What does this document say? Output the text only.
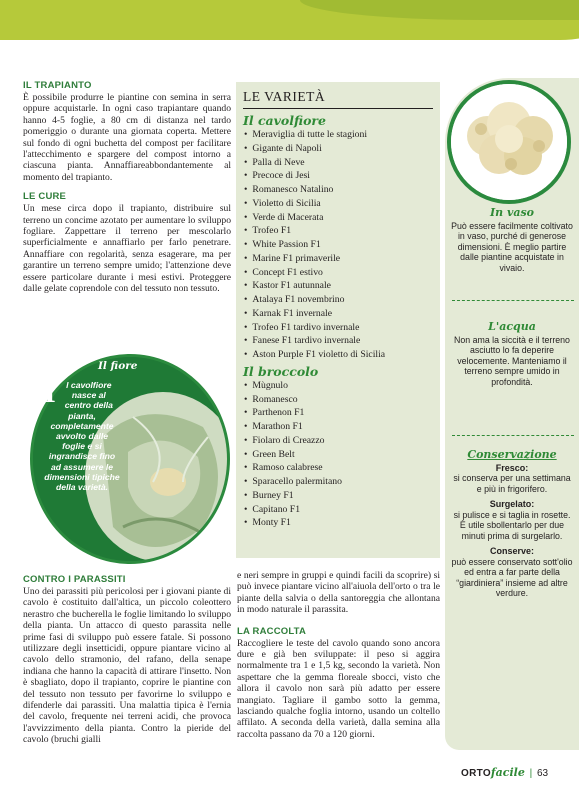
IL TRAPIANTO

È possibile produrre le piantine con semina in serra oppure acquistarle. In ogni caso trapiantare quando hanno 4-5 foglie, a 80 cm di distanza nel tardo pomeriggio o durante una giornata coperta. Mettere sul fondo di ogni buchetta del compost per facilitare l'attecchimento e spargere del compost intorno a ciascuna pianta. Annaffiareabbondantemente al momento del trapianto.

LE CURE

Un mese circa dopo il trapianto, distribuire sul terreno un concime azotato per aumentare lo sviluppo fogliare. Zappettare il terreno per mescolarlo superficialmente e annaffiarlo per farlo penetrare. Annaffiare con regolarità, senza esagerare, ma per garantire un terreno sempre umido; l'attenzione deve essere particolare durante i mesi estivi. Proteggere dalle gelate coprendole con del tessuto non tessuto.

Il fiore
I l cavolfiore nasce al centro della pianta, completamente avvolto dalle foglie e si ingrandisce fino ad assumere le dimensioni tipiche della varietà.
LE VARIETÀ
Il cavolfiore
• Meraviglia di tutte le stagioni
• Gigante di Napoli
• Palla di Neve
• Precoce di Jesi
• Romanesco Natalino
• Violetto di Sicilia
• Verde di Macerata
• Trofeo F1
• White Passion F1
• Marine F1 primaverile
• Concept F1 estivo
• Kastor F1 autunnale
• Atalaya F1 novembrino
• Karnak F1 invernale
• Trofeo F1 tardivo invernale
• Fanese F1 tardivo invernale
• Aston Purple F1 violetto di Sicilia
Il broccolo
• Mùgnulo
• Romanesco
• Parthenon F1
• Marathon F1
• Fiolaro di Creazzo
• Green Belt
• Ramoso calabrese
• Sparacello palermitano
• Burney F1
• Capitano F1
• Monty F1
CONTRO I PARASSITI

Uno dei parassiti più pericolosi per i giovani piante di cavolo è costituito dall'altica, un piccolo coleottero nerastro che bucherella le foglie limitando lo sviluppo della pianta. Un attacco di questo parassita nelle prime fasi di sviluppo può essere fatale. Si possono utilizzare degli insetticidi, oppure piantare vicino al cavolo dello stramonio, del rafano, della senape indiana che hanno la capacità di attirare l'insetto. Non è sbagliato, dopo il trapianto, coprire le piantine con del tessuto non tessuto per favorirne lo sviluppo e difenderle dai parassiti. Una malattia tipica è l'ernia del cavolo, frequente nei terreni acidi, che provoca l'avvizzimento della pianta. Contro la pieride del cavolo (bruchi gialli

e neri sempre in gruppi e quindi facili da scoprire) si può invece piantare vicino all'aiuola dell'orto o tra le piante della salvia o della santoreggia che allontana in modo naturale il parassita.

LA RACCOLTA

Raccogliere le teste del cavolo quando sono ancora dure e già ben sviluppate: il peso si aggira normalmente tra 1 e 1,5 kg, secondo la varietà. Non aspettare che la gemma floreale sbocci, visto che allora il cavolo non sarà più adatto per essere mangiato. Tagliare il gambo sotto la gemma, lasciando qualche foglia intorno, usando un coltello affilato. A seconda della varietà, dalla semina alla raccolta passano da 70 a 120 giorni.

In vaso
Può essere facilmente coltivato in vaso, purché di generose dimensioni. È meglio partire dalle piantine acquistate in vivaio.
L'acqua
Non ama la siccità e il terreno asciutto lo fa deperire velocemente. Manteniamo il terreno sempre umido in profondità.
Conservazione
Fresco:
si conserva per una settimana e più in frigorifero.
Surgelato:
si pulisce e si taglia in rosette. È utile sbollentarlo per due minuti prima di surgelarlo.
Conserve:
può essere conservato sott'olio ed entra a far parte della “giardiniera” insieme ad altre verdure.
ORTOfacile | 63
